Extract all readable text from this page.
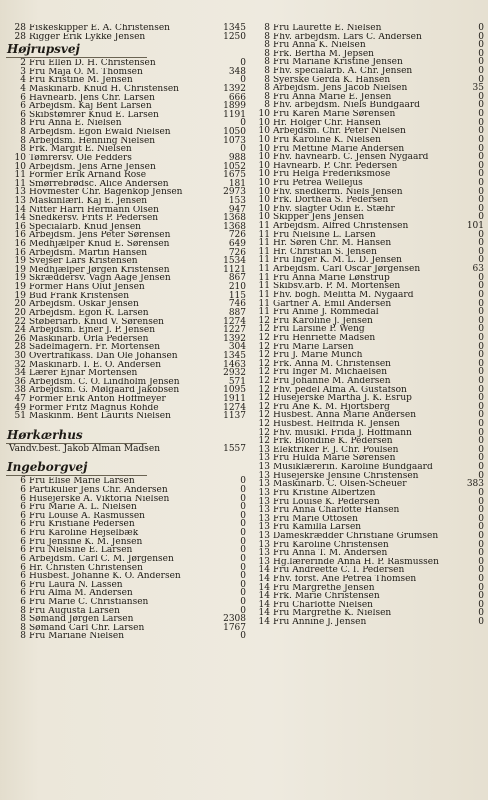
28 Fiskeskipper E. A. Christensen	1345
28 Rigger Erik Lykke Jensen	1250
Højrupsvej
2 Fru Ellen D. H. Christensen	0
3 Fru Maja O. M. Thomsen	348
4 Fru Kristine M. Jensen	0
4 Maskinarb. Knud H. Christensen	1392
6 Havnearb. Jens Chr. Larsen	666
6 Arbejdsm. Kaj Bent Larsen	1899
6 Skibstømrer Knud E. Larsen	1191
8 Fru Anna E. Nielsen	0
8 Arbejdsm. Egon Ewald Nielsen	1050
8 Arbejdsm. Henning Nielsen	1073
8 Frk. Margit E. Nielsen	0
10 Tømrersv. Ole Fedders	988
10 Arbejdsm. Jens Arne Jensen	1052
11 Former Erik Arnand Rose	1675
11 Smørrebrødsc. Alice Andersen	181
13 Hovmester Chr. Bagenkop Jensen	2973
13 Maskinlærl. Kaj E. Jensen	153
14 Nitter Harri Hermann Olsen	947
14 Snedkersv. Frits P. Pedersen	1368
16 Specialarb. Knud Jensen	1368
16 Arbejdsm. Jens Peter Sørensen	726
16 Medhjælper Knud E. Sørensen	649
16 Arbejdsm. Martin Hansen	726
19 Svejser Lars Kristensen	1534
19 Medhjælper Jørgen Kristensen	1121
19 Skræddersv. Vagn Aage Jensen	867
19 Former Hans Oluf Jensen	210
19 Bud Frank Kristensen	115
20 Arbejdsm. Oskar Jensen	746
20 Arbejdsm. Egon R. Larsen	887
22 Støberiarb. Knud V. Sørensen	1274
24 Arbejdsm. Ejner J. P. Jensen	1227
26 Maskinarb. Orla Pedersen	1392
28 Sadelmagern. Fr. Mortensen	304
30 Overtrafikass. Dan Ole Johansen	1345
32 Maskinarb. I. E. O. Andersen	1463
34 Lærer Ejnar Mortensen	2932
36 Arbejdsm. C. O. Lindholm Jensen	571
38 Arbejdsm. G. Mølgaard Jakobsen	1095
47 Former Erik Anton Hoffmeyer	1911
49 Former Fritz Magnus Rohde	1274
51 Maskinm. Bent Laurits Nielsen	1137
Hørkærhus
Vandv.best. Jakob Alman Madsen	1557
Ingeborgvej
6 Fru Elise Marie Larsen	0
6 Partikulier Jens Chr. Andersen	0
6 Husejerske A. Viktoria Nielsen	0
6 Fru Marie A. L. Nielsen	0
6 Fru Louise A. Rasmussen	0
6 Fru Kristiane Pedersen	0
6 Fru Karoline Hejselbæk	0
6 Fru Jensine K. M. Jensen	0
6 Fru Nielsine E. Larsen	0
6 Arbejdsm. Carl C. M. Jørgensen	0
6 Hr. Christen Christensen	0
6 Husbest. Johanne K. O. Andersen	0
6 Fru Laura N. Lassen	0
6 Fru Alma M. Andersen	0
6 Fru Marie C. Christiansen	0
8 Fru Augusta Larsen	0
8 Sømand Jørgen Larsen	2308
8 Sømand Carl Chr. Larsen	1767
8 Fru Mariane Nielsen	0
8 Fru Laurette E. Nielsen	0
8 Fhv. arbejdsm. Lars C. Andersen	0
8 Fru Anna K. Nielsen	0
8 Frk. Bertha M. Jepsen	0
8 Fru Mariane Kristine Jensen	0
8 Fhv. specialarb. A. Chr. Jensen	0
8 Syerske Gerda K. Hansen	0
8 Arbejdsm. Jens Jacob Nielsen	35
8 Fru Anna Marie E. Jensen	0
8 Fhv. arbejdsm. Niels Bundgaard	0
10 Fru Karen Marie Sørensen	0
10 Hr. Holger Chr. Hansen	0
10 Arbejdsm. Chr. Peter Nielsen	0
10 Fru Karoline K. Nielsen	0
10 Fru Mettine Marie Andersen	0
10 Fhv. havnearb. C. Jensen Nygaard	0
10 Havnearb. P. Chr. Pedersen	0
10 Fru Helga Frederiksmose	0
10 Fru Petrea Wellejus	0
10 Fhv. snedkerm. Niels Jensen	0
10 Frk. Dorthea S. Pedersen	0
10 Fhv. slagter Odin E. Stæhr	0
10 Skipper Jens Jensen	0
11 Arbejdsm. Alfred Christensen	101
11 Fru Nielsine L. Larsen	0
11 Hr. Søren Chr. M. Hansen	0
11 Hr. Christian S. Jensen	0
11 Fru Inger K. M. L. D. Jensen	0
11 Arbejdsm. Carl Oscar Jørgensen	63
11 Fru Anna Marie Lønstrup	0
11 Skibsv.arb. P. M. Mortensen	0
11 Fhv. bogh. Melitta M. Nygaard	0
11 Gartner A. Emil Andersen	0
11 Fru Anine J. Rommedal	0
12 Fru Karoline J. Jensen	0
12 Fru Larsine P. Weng	0
12 Fru Henriette Madsen	0
12 Fru Marie Larsen	0
12 Fru J. Marie Munch	0
12 Frk. Anna M. Christensen	0
12 Fru Inger M. Michaelsen	0
12 Fru Johanne M. Andersen	0
12 Fhv. pedel Alma A. Gustafson	0
12 Husejerske Martha J. K. Esrup	0
12 Fru Ane K. M. Hjortsberg	0
12 Husbest. Anna Marie Andersen	0
12 Husbest. Helfrida R. Jensen	0
12 Fhv. musikl. Frida J. Hoffmann	0
12 Frk. Blondine K. Pedersen	0
13 Elektriker F. J. Chr. Poulsen	0
13 Fru Hulda Marie Sørensen	0
13 Musiklærerin. Karoline Bundgaard	0
13 Husejerske Jensine Christensen	0
13 Maskinarb. C. Olsen-Scheuer	383
13 Fru Kristine Albertzen	0
13 Fru Louise K. Pedersen	0
13 Fru Anna Charlotte Hansen	0
13 Fru Marie Ottosen	0
13 Fru Kamilla Larsen	0
13 Dameskrædder Christiane Grumsen	0
13 Fru Karoline Christensen	0
13 Fru Anna T. M. Andersen	0
13 Hg.lærerinde Anna H. P. Rasmussen	0
14 Fru Andreette C. I. Pedersen	0
14 Fhv. forst. Ane Petrea Thomsen	0
14 Fru Margrethe Jensen	0
14 Frk. Marie Christensen	0
14 Fru Charlotte Nielsen	0
14 Fru Margrethe K. Nielsen	0
14 Fru Annine J. Jensen	0
